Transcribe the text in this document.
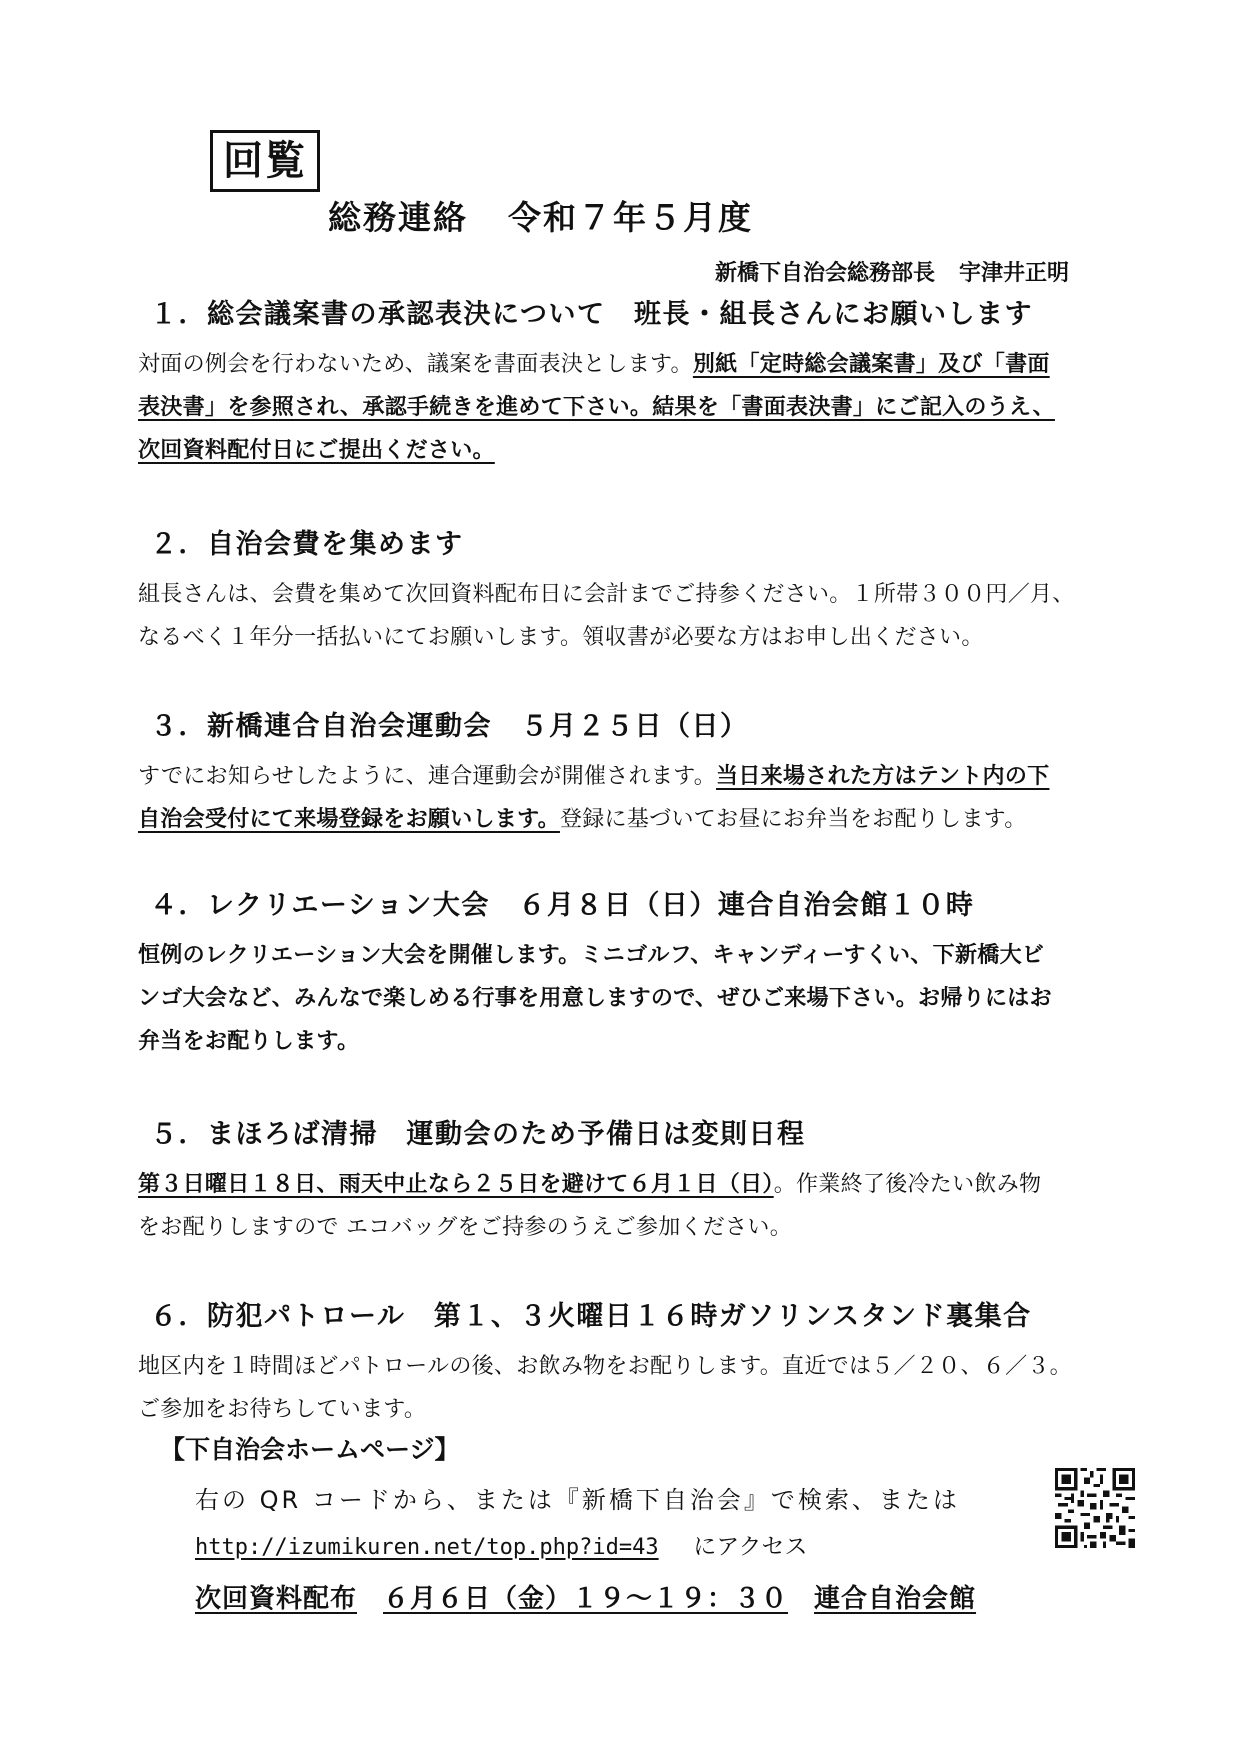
回覧
総務連絡 令和７年５月度
新橋下自治会総務部長 宇津井正明
１．総会議案書の承認表決について　班長・組長さんにお願いします
対面の例会を行わないため、議案を書面表決とします。別紙「定時総会議案書」及び「書面
表決書」を参照され、承認手続きを進めて下さい。結果を「書面表決書」にご記入のうえ、
次回資料配付日にご提出ください。
２．自治会費を集めます
組長さんは、会費を集めて次回資料配布日に会計までご持参ください。１所帯３００円／月、
なるべく１年分一括払いにてお願いします。領収書が必要な方はお申し出ください。
３．新橋連合自治会運動会　５月２５日（日）
すでにお知らせしたように、連合運動会が開催されます。当日来場された方はテント内の下
自治会受付にて来場登録をお願いします。登録に基づいてお昼にお弁当をお配りします。
４．レクリエーション大会　６月８日（日）連合自治会館１０時
恒例のレクリエーション大会を開催します。ミニゴルフ、キャンディーすくい、下新橋大ビ
ンゴ大会など、みんなで楽しめる行事を用意しますので、ぜひご来場下さい。お帰りにはお
弁当をお配りします。
５．まほろば清掃　運動会のため予備日は変則日程
第３日曜日１８日、雨天中止なら２５日を避けて６月１日（日）。作業終了後冷たい飲み物
をお配りしますので エコバッグをご持参のうえご参加ください。
６．防犯パトロール　第１、３火曜日１６時ガソリンスタンド裏集合
地区内を１時間ほどパトロールの後、お飲み物をお配りします。直近では５／２０、６／３。
ご参加をお待ちしています。
【下自治会ホームページ】
右の QR コードから、または『新橋下自治会』で検索、または
http://izumikuren.net/top.php?id=43 にアクセス
次回資料配布 ６月６日（金）１９～１９：３０ 連合自治会館
